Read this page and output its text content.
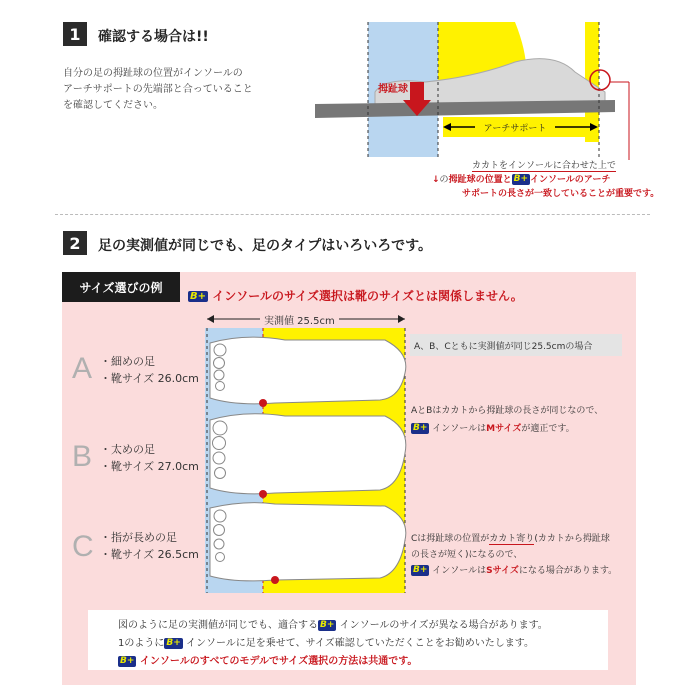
1	確認する場合は!!
自分の足の拇趾球の位置がインソールの
アーチサポートの先端部と合っていること
を確認してください。
アーチサポート
拇趾球
カカトをインソールに合わせた上で
↓の拇趾球の位置と B+ インソールのアーチ
サポートの長さが一致していることが重要です。
2	足の実測値が同じでも、足のタイプはいろいろです。
サイズ選びの例
B+ インソールのサイズ選択は靴のサイズとは関係しません。
実測値 25.5cm
A ・細めの足
・靴サイズ 26.0cm
B ・太めの足
・靴サイズ 27.0cm
C ・指が長めの足
・靴サイズ 26.5cm
A、B、Cともに実測値が同じ25.5cmの場合
AとBはカカトから拇趾球の長さが同じなので、
B+ インソールはMサイズが適正です。
Cは拇趾球の位置がカカト寄り(カカトから拇趾球
の長さが短く)になるので、
B+ インソールはSサイズになる場合があります。
図のように足の実測値が同じでも、適合する B+ インソールのサイズが異なる場合があります。
1のように B+ インソールに足を乗せて、サイズ確認していただくことをお勧めいたします。
B+ インソールのすべてのモデルでサイズ選択の方法は共通です。
